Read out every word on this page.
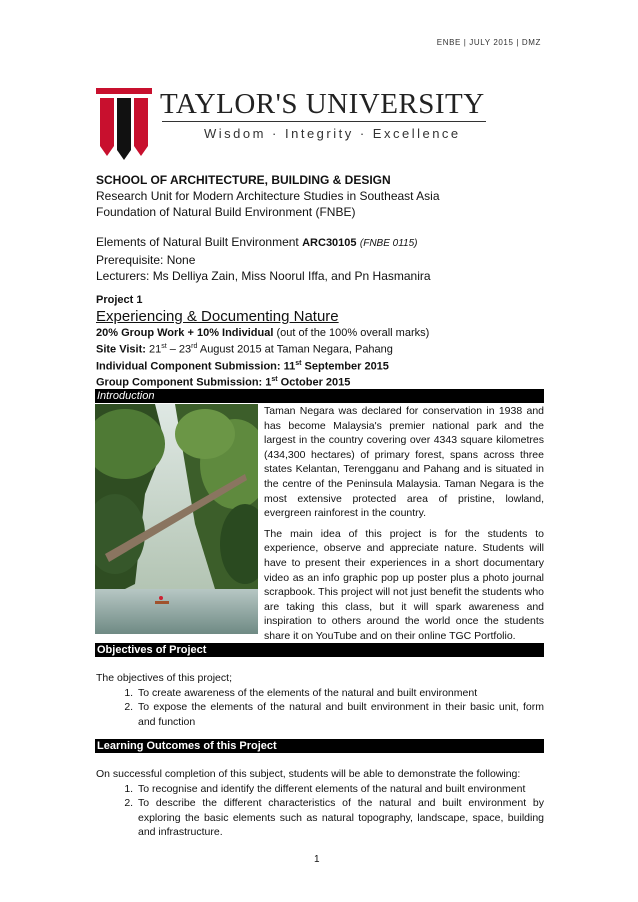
ENBE | JULY 2015 | DMZ
TAYLOR'S UNIVERSITY
Wisdom · Integrity · Excellence
SCHOOL OF ARCHITECTURE, BUILDING & DESIGN
Research Unit for Modern Architecture Studies in Southeast Asia
Foundation of Natural Build Environment (FNBE)
Elements of Natural Built Environment ARC30105 (FNBE 0115)
Prerequisite: None
Lecturers: Ms Delliya Zain, Miss Noorul Iffa, and Pn Hasmanira
Project 1
Experiencing & Documenting Nature
20% Group Work + 10% Individual (out of the 100% overall marks)
Site Visit: 21st – 23rd August 2015 at Taman Negara, Pahang
Individual Component Submission: 11st September 2015
Group Component Submission: 1st October 2015
Introduction

Taman Negara was declared for conservation in 1938 and has become Malaysia's premier national park and the largest in the country covering over 4343 square kilometres (434,300 hectares) of primary forest, spans across three states Kelantan, Terengganu and Pahang and is situated in the centre of the Peninsula Malaysia. Taman Negara is the most extensive protected area of pristine, lowland, evergreen rainforest in the country.

The main idea of this project is for the students to experience, observe and appreciate nature. Students will have to present their experiences in a short documentary video as an info graphic pop up poster plus a photo journal scrapbook. This project will not just benefit the students who are taking this class, but it will spark awareness and inspiration to others around the world once the students share it on YouTube and on their online TGC Portfolio.

Objectives of Project
The objectives of this project;
1. To create awareness of the elements of the natural and built environment
2. To expose the elements of the natural and built environment in their basic unit, form and function
Learning Outcomes of this Project
On successful completion of this subject, students will be able to demonstrate the following:
1. To recognise and identify the different elements of the natural and built environment
2. To describe the different characteristics of the natural and built environment by exploring the basic elements such as natural topography, landscape, space, building and infrastructure.
1
